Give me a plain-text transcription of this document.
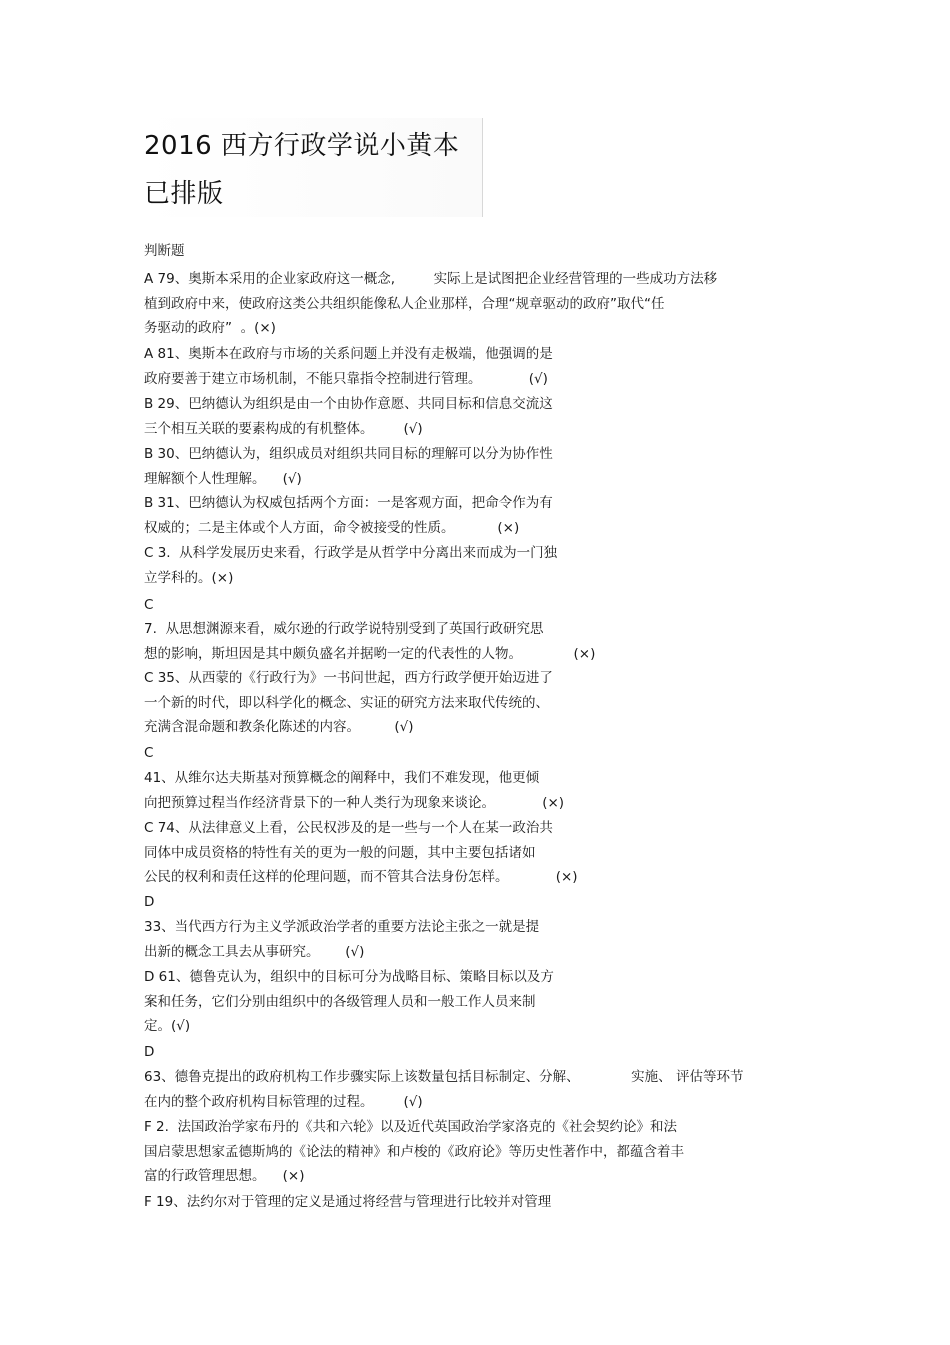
2016 西方行政学说小黄本
已排版
判断题
A 79、奥斯本采用的企业家政府这一概念,         实际上是试图把企业经营管理的一些成功方法移
植到政府中来，使政府这类公共组织能像私人企业那样，合理“规章驱动的政府”取代“任
务驱动的政府”  。(×)
A 81、奥斯本在政府与市场的关系问题上并没有走极端，他强调的是
政府要善于建立市场机制，不能只靠指令控制进行管理。           (√)
B 29、巴纳德认为组织是由一个由协作意愿、共同目标和信息交流这
三个相互关联的要素构成的有机整体。       (√)
B 30、巴纳德认为，组织成员对组织共同目标的理解可以分为协作性
理解额个人性理解。    (√)
B 31、巴纳德认为权威包括两个方面：一是客观方面，把命令作为有
权威的；二是主体或个人方面，命令被接受的性质。          (×)
C 3.  从科学发展历史来看，行政学是从哲学中分离出来而成为一门独
立学科的。(×)
C
7.  从思想渊源来看，威尔逊的行政学说特别受到了英国行政研究思
想的影响，斯坦因是其中颇负盛名并据哟一定的代表性的人物。            (×)
C 35、从西蒙的《行政行为》一书问世起，西方行政学便开始迈进了
一个新的时代，即以科学化的概念、实证的研究方法来取代传统的、
充满含混命题和教条化陈述的内容。        (√)
C
41、从维尔达夫斯基对预算概念的阐释中，我们不难发现，他更倾
向把预算过程当作经济背景下的一种人类行为现象来谈论。           (×)
C 74、从法律意义上看，公民权涉及的是一些与一个人在某一政治共
同体中成员资格的特性有关的更为一般的问题，其中主要包括诸如
公民的权利和责任这样的伦理问题，而不管其合法身份怎样。           (×)
D
33、当代西方行为主义学派政治学者的重要方法论主张之一就是提
出新的概念工具去从事研究。      (√)
D 61、德鲁克认为，组织中的目标可分为战略目标、策略目标以及方
案和任务，它们分别由组织中的各级管理人员和一般工作人员来制
定。(√)
D
63、德鲁克提出的政府机构工作步骤实际上该数量包括目标制定、分解、            实施、 评估等环节
在内的整个政府机构目标管理的过程。       (√)
F 2.  法国政治学家布丹的《共和六轮》以及近代英国政治学家洛克的《社会契约论》和法
国启蒙思想家孟德斯鸠的《论法的精神》和卢梭的《政府论》等历史性著作中，都蕴含着丰
富的行政管理思想。    (×)
F 19、法约尔对于管理的定义是通过将经营与管理进行比较并对管理
